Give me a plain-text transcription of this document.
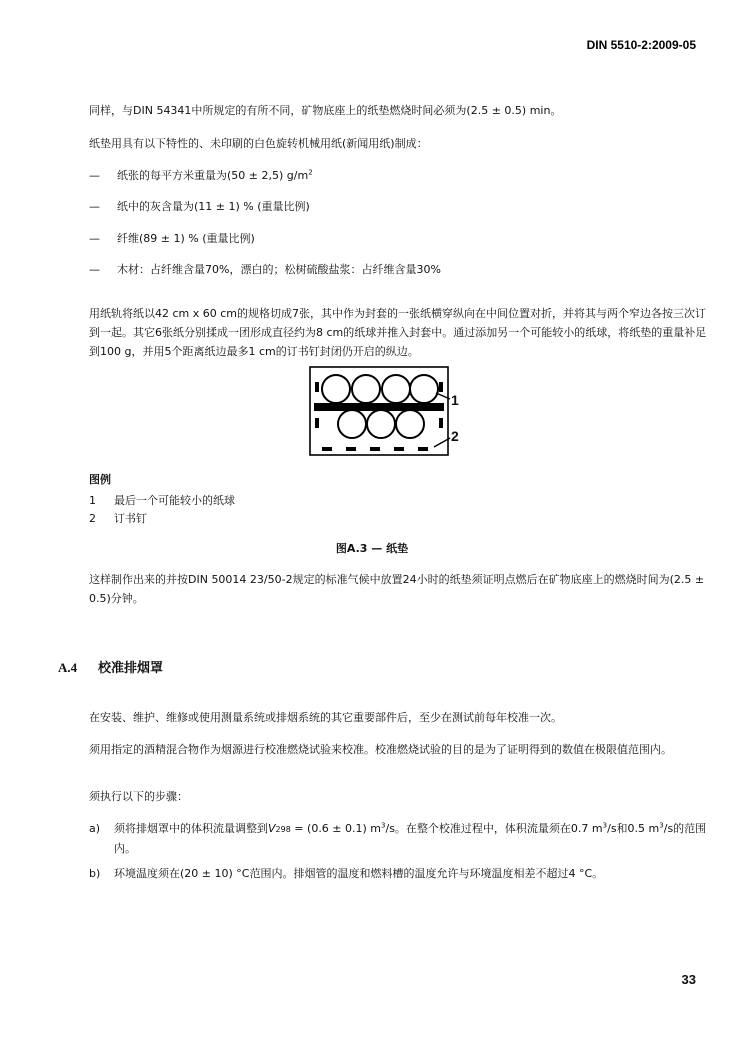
DIN 5510-2:2009-05
同样，与DIN 54341中所规定的有所不同，矿物底座上的纸垫燃烧时间必须为(2.5 ± 0.5) min。
纸垫用具有以下特性的、未印刷的白色旋转机械用纸(新闻用纸)制成：
— 纸张的每平方米重量为(50 ± 2,5) $g/m^2$
— 纸中的灰含量为(11 ± 1) % (重量比例)
— 纤维(89 ± 1) % (重量比例)
— 木材：占纤维含量70%，漂白的；松树硫酸盐浆：占纤维含量30%
用纸轨将纸以42 cm x 60 cm的规格切成7张，其中作为封套的一张纸横穿纵向在中间位置对折，并将其与两个窄边各按三次订到一起。其它6张纸分别揉成一团形成直径约为8 cm的纸球并推入封套中。通过添加另一个可能较小的纸球，将纸垫的重量补足到100 g，并用5个距离纸边最多1 cm的订书钉封闭仍开启的纵边。
1
2
图例
1 最后一个可能较小的纸球
2 订书钉
图A.3 — 纸垫
这样制作出来的并按DIN 50014 23/50-2规定的标准气候中放置24小时的纸垫须证明点燃后在矿物底座上的燃烧时间为(2.5 ± 0.5)分钟。
A.4 校准排烟罩
在安装、维护、维修或使用测量系统或排烟系统的其它重要部件后，至少在测试前每年校准一次。
须用指定的酒精混合物作为烟源进行校准燃烧试验来校准。校准燃烧试验的目的是为了证明得到的数值在极限值范围内。
须执行以下的步骤：
a) 须将排烟罩中的体积流量调整到V298 = (0.6 ± 0.1) $m^3/s$。在整个校准过程中，体积流量须在0.7 $m^3/s$和0.5 $m^3/s$的范围内。
b) 环境温度须在(20 ± 10) °C范围内。排烟管的温度和燃料槽的温度允许与环境温度相差不超过4 °C。
33
